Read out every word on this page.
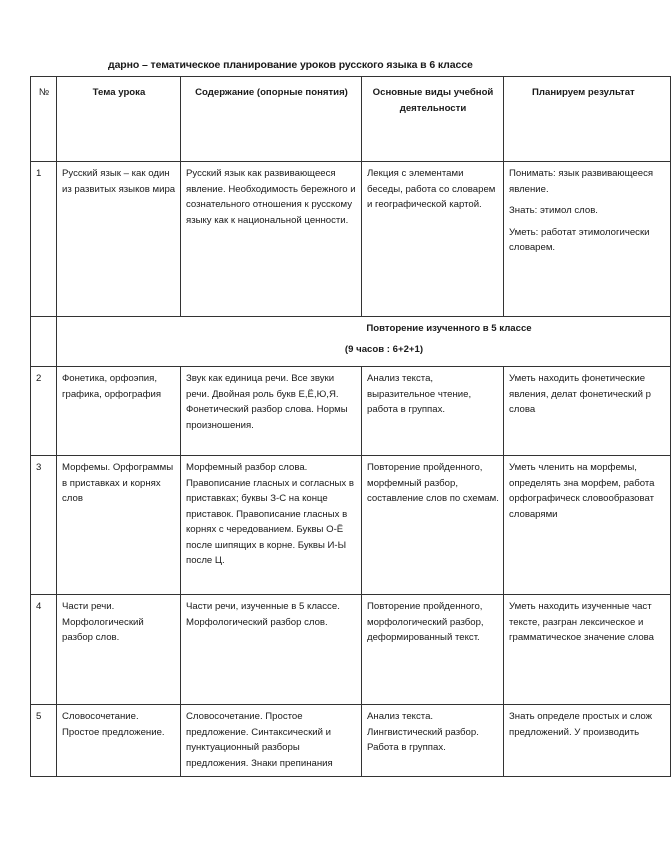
дарно – тематическое планирование уроков русского языка в 6 классе
№	Тема урока	Содержание (опорные понятия)	Основные виды учебной деятельности	Планируем результат
1	Русский язык – как один из развитых языков мира	Русский язык как развивающееся явление. Необходимость бережного и сознательного отношения к русскому языку как к национальной ценности.	Лекция с элементами беседы, работа со словарем и географической картой.	Понимать: язык развивающееся явление.
Знать: этимол слов.
Уметь: работат этимологически словарем.

	Повторение изученного в 5 классе
(9 часов : 6+2+1)			

2	Фонетика, орфоэпия, графика, орфография	Звук как единица речи. Все звуки речи. Двойная роль букв Е,Ё,Ю,Я. Фонетический разбор слова. Нормы произношения.	Анализ текста, выразительное чтение, работа в группах.	Уметь находить фонетические явления, делат фонетический р слова

3	Морфемы. Орфограммы в приставках и корнях слов	Морфемный разбор слова. Правописание гласных и согласных в приставках; буквы З-С на конце приставок. Правописание гласных в корнях с чередованием. Буквы О-Ё после шипящих в корне. Буквы И-Ы после Ц.	Повторение пройденного, морфемный разбор, составление слов по схемам.	Уметь членить на морфемы, определять зна морфем, работа орфографическ словообразоват словарями

4	Части речи. Морфологический разбор слов.	Части речи, изученные в 5 классе. Морфологический разбор слов.	Повторение пройденного, морфологический разбор, деформированный текст.	Уметь находить изученные част тексте, разгран лексическое и грамматическое значение слова

5	Словосочетание. Простое предложение.	Словосочетание. Простое предложение. Синтаксический и пунктуационный разборы предложения. Знаки препинания	Анализ текста. Лингвистический разбор. Работа в группах.	Знать определе простых и слож предложений. У производить
